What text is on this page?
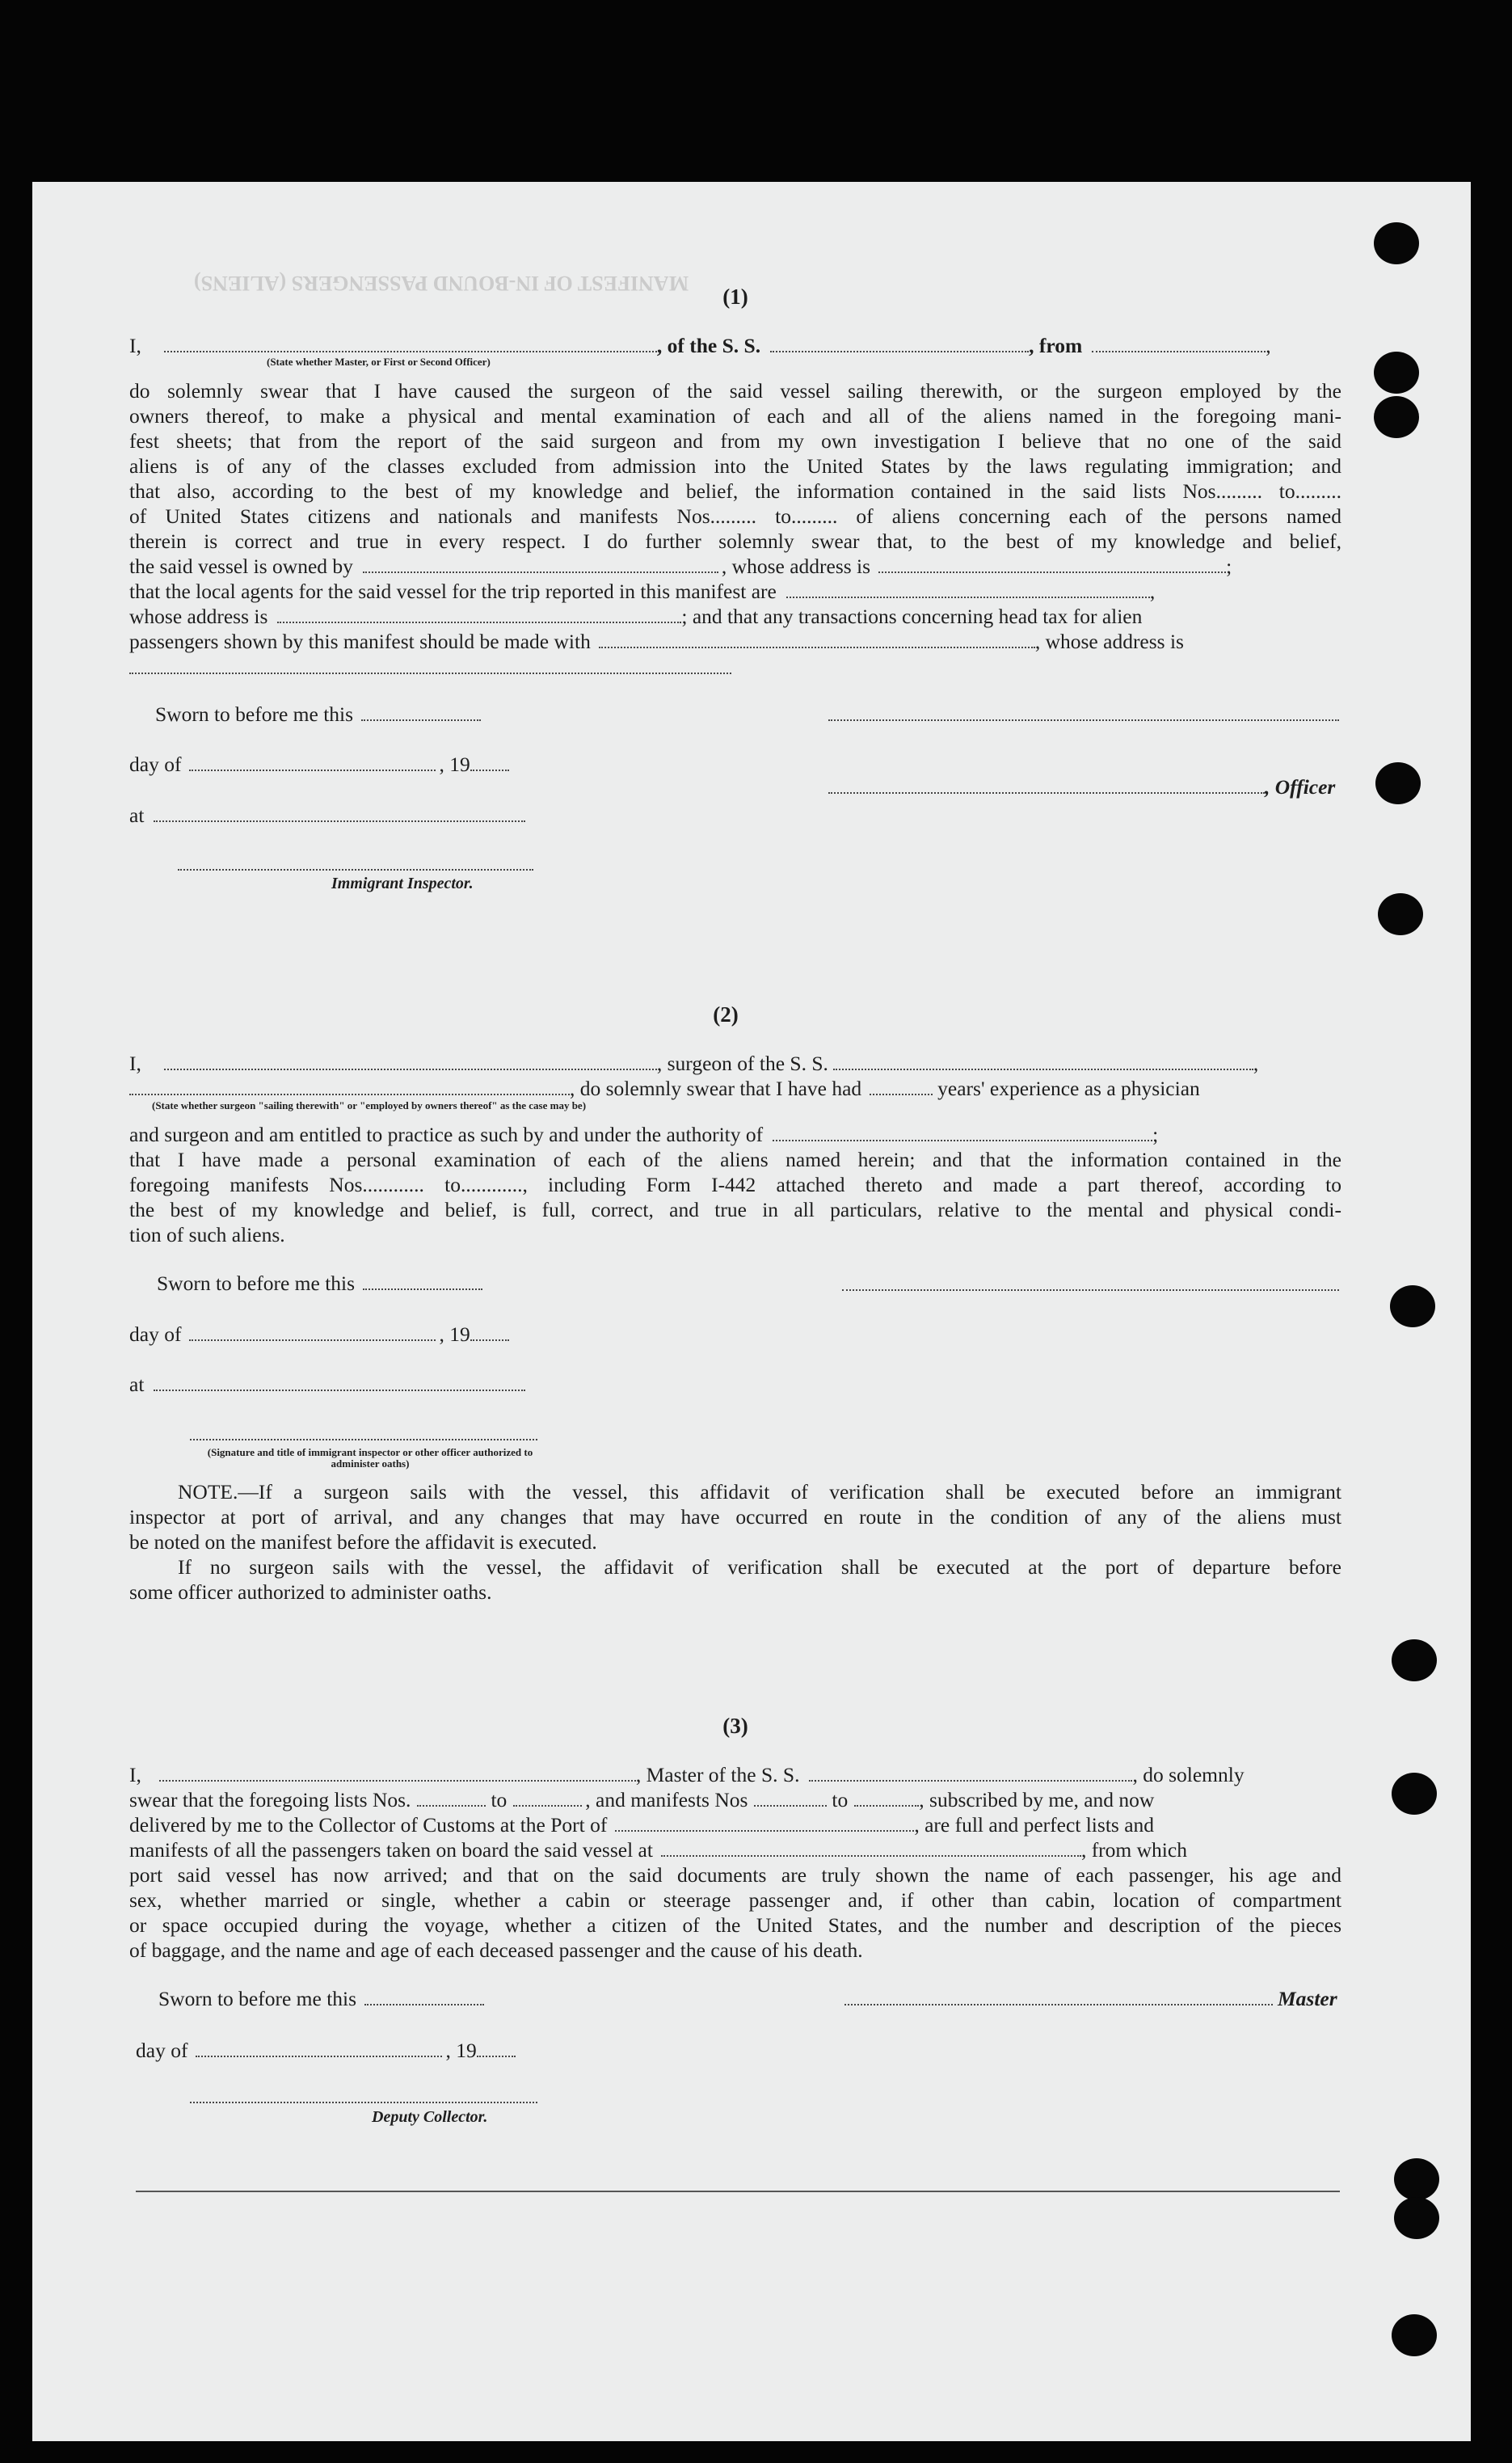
MANIFEST OF IN-BOUND PASSENGERS (ALIENS)
(1)
I,	, of the S. S.	, from	,
(State whether Master, or First or Second Officer)
do solemnly swear that I have caused the surgeon of the said vessel sailing therewith, or the surgeon employed by the
owners thereof, to make a physical and mental examination of each and all of the aliens named in the foregoing mani-
fest sheets; that from the report of the said surgeon and from my own investigation I believe that no one of the said
aliens is of any of the classes excluded from admission into the United States by the laws regulating immigration; and
that also, according to the best of my knowledge and belief, the information contained in the said lists Nos......... to.........
of United States citizens and nationals and manifests Nos......... to......... of aliens concerning each of the persons named
therein is correct and true in every respect. I do further solemnly swear that, to the best of my knowledge and belief,
the said vessel is owned by	, whose address is	;
that the local agents for the said vessel for the trip reported in this manifest are	,
whose address is	; and that any transactions concerning head tax for alien
passengers shown by this manifest should be made with	, whose address is
Sworn to before me this
day of	, 19
at
Immigrant Inspector.
, Officer
(2)
I,	, surgeon of the S. S.	,
, do solemnly swear that I have had	years' experience as a physician
(State whether surgeon "sailing therewith" or "employed by owners thereof" as the case may be)
and surgeon and am entitled to practice as such by and under the authority of	;
that I have made a personal examination of each of the aliens named herein; and that the information contained in the
foregoing manifests Nos............ to............, including Form I-442 attached thereto and made a part thereof, according to
the best of my knowledge and belief, is full, correct, and true in all particulars, relative to the mental and physical condi-
tion of such aliens.
Sworn to before me this
day of	, 19
at
(Signature and title of immigrant inspector or other officer authorized to administer oaths)
NOTE.—If a surgeon sails with the vessel, this affidavit of verification shall be executed before an immigrant
inspector at port of arrival, and any changes that may have occurred en route in the condition of any of the aliens must
be noted on the manifest before the affidavit is executed.
If no surgeon sails with the vessel, the affidavit of verification shall be executed at the port of departure before
some officer authorized to administer oaths.
(3)
I,	, Master of the S. S.	, do solemnly
swear that the foregoing lists Nos.	to	, and manifests Nos	to	, subscribed by me, and now
delivered by me to the Collector of Customs at the Port of	, are full and perfect lists and
manifests of all the passengers taken on board the said vessel at	, from which
port said vessel has now arrived; and that on the said documents are truly shown the name of each passenger, his age and
sex, whether married or single, whether a cabin or steerage passenger and, if other than cabin, location of compartment
or space occupied during the voyage, whether a citizen of the United States, and the number and description of the pieces
of baggage, and the name and age of each deceased passenger and the cause of his death.
Sworn to before me this	Master
day of	, 19
Deputy Collector.
